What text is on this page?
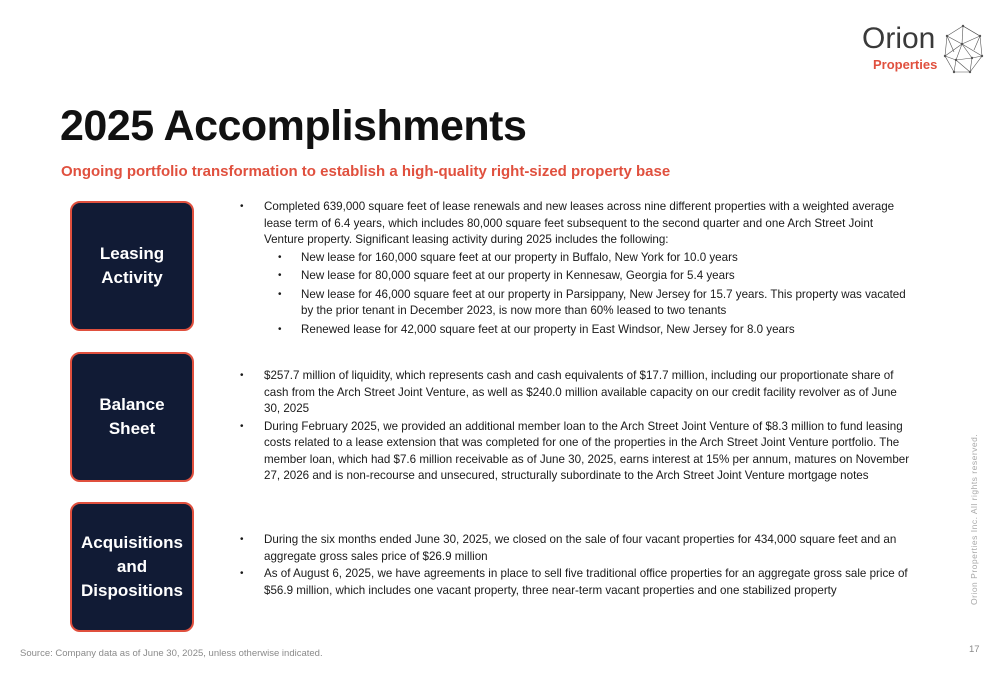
Orion
Properties
2025 Accomplishments
Ongoing portfolio transformation to establish a high-quality right-sized property base
Leasing
Activity
• Completed 639,000 square feet of lease renewals and new leases across nine different properties with a weighted average lease term of 6.4 years, which includes 80,000 square feet subsequent to the second quarter and one Arch Street Joint Venture property. Significant leasing activity during 2025 includes the following:
• New lease for 160,000 square feet at our property in Buffalo, New York for 10.0 years
• New lease for 80,000 square feet at our property in Kennesaw, Georgia for 5.4 years
• New lease for 46,000 square feet at our property in Parsippany, New Jersey for 15.7 years. This property was vacated by the prior tenant in December 2023, is now more than 60% leased to two tenants
• Renewed lease for 42,000 square feet at our property in East Windsor, New Jersey for 8.0 years
Balance
Sheet
• $257.7 million of liquidity, which represents cash and cash equivalents of $17.7 million, including our proportionate share of cash from the Arch Street Joint Venture, as well as $240.0 million available capacity on our credit facility revolver as of June 30, 2025
• During February 2025, we provided an additional member loan to the Arch Street Joint Venture of $8.3 million to fund leasing costs related to a lease extension that was completed for one of the properties in the Arch Street Joint Venture portfolio. The member loan, which had $7.6 million receivable as of June 30, 2025, earns interest at 15% per annum, matures on November 27, 2026 and is non-recourse and unsecured, structurally subordinate to the Arch Street Joint Venture mortgage notes
Acquisitions
and
Dispositions
• During the six months ended June 30, 2025, we closed on the sale of four vacant properties for 434,000 square feet and an aggregate gross sales price of $26.9 million
• As of August 6, 2025, we have agreements in place to sell five traditional office properties for an aggregate gross sale price of $56.9 million, which includes one vacant property, three near-term vacant properties and one stabilized property	Orion Properties Inc. All rights reserved.
Source: Company data as of June 30, 2025, unless otherwise indicated.	17
